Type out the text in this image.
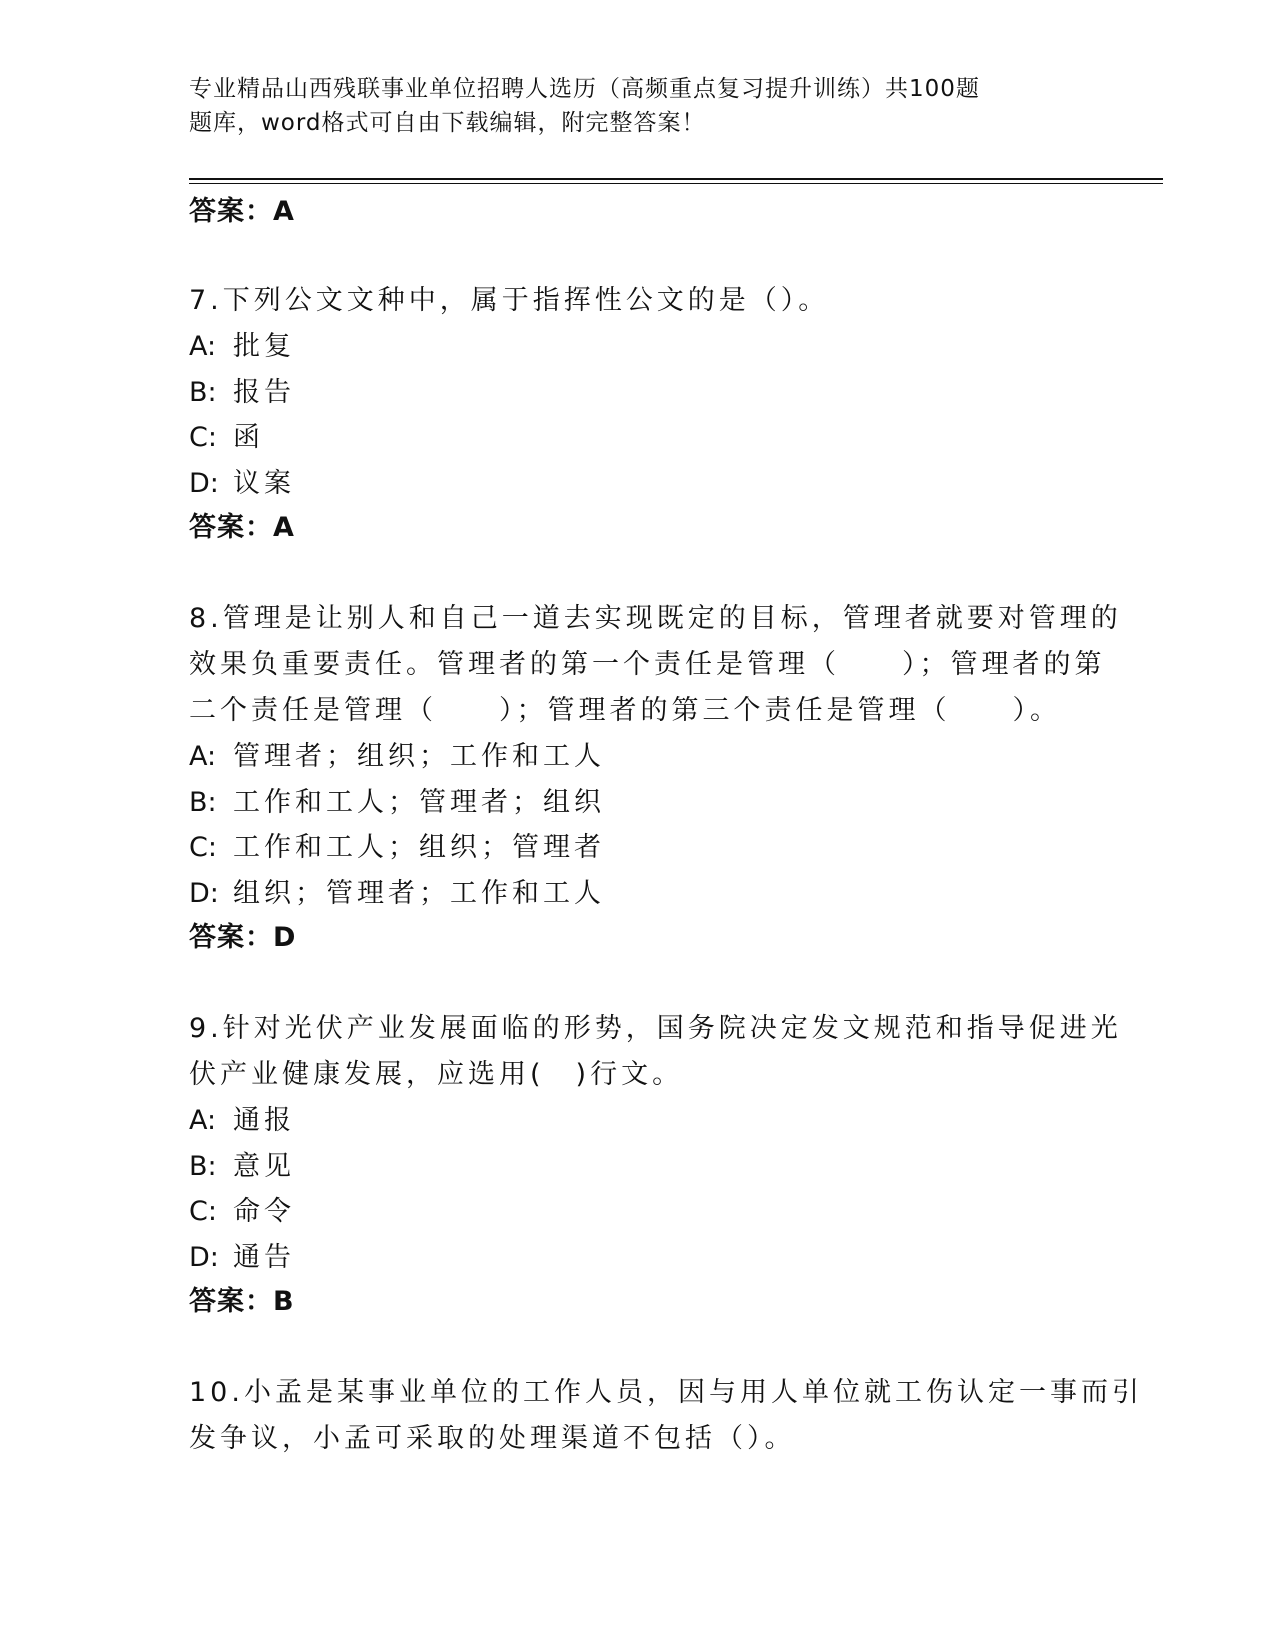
专业精品山西残联事业单位招聘人选历（高频重点复习提升训练）共100题
题库，word格式可自由下载编辑，附完整答案！
答案：A
7.下列公文文种中，属于指挥性公文的是（）。
A: 批复
B: 报告
C: 函
D: 议案
答案：A
8.管理是让别人和自己一道去实现既定的目标，管理者就要对管理的
效果负重要责任。管理者的第一个责任是管理（　　）；管理者的第
二个责任是管理（　　）；管理者的第三个责任是管理（　　）。
A: 管理者；组织；工作和工人
B: 工作和工人；管理者；组织
C: 工作和工人；组织；管理者
D: 组织；管理者；工作和工人
答案：D
9.针对光伏产业发展面临的形势，国务院决定发文规范和指导促进光
伏产业健康发展，应选用(　)行文。
A: 通报
B: 意见
C: 命令
D: 通告
答案：B
10.小孟是某事业单位的工作人员，因与用人单位就工伤认定一事而引
发争议，小孟可采取的处理渠道不包括（）。
